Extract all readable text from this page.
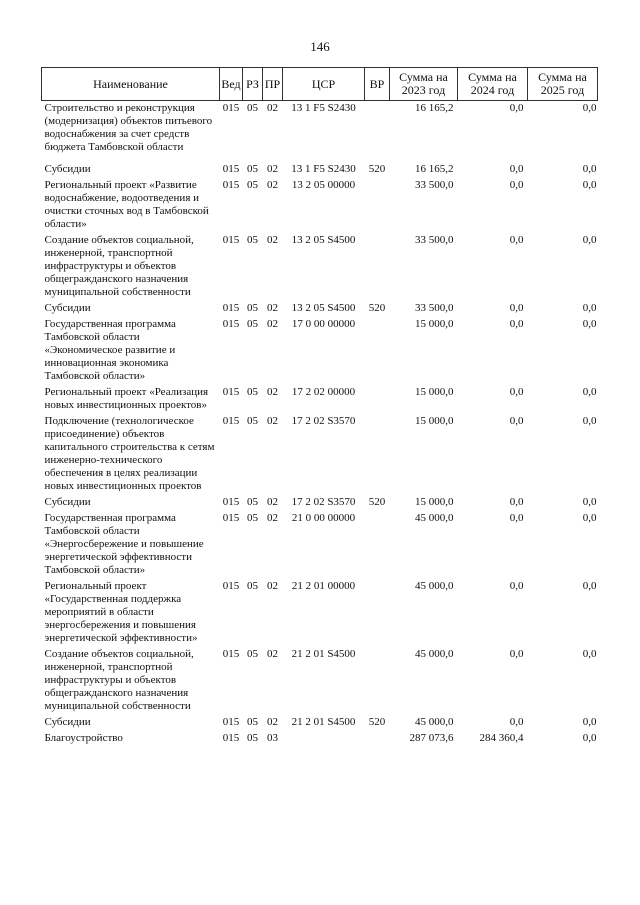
146
Наименование	Вед	РЗ	ПР	ЦСР	ВР	Сумма на 2023 год	Сумма на 2024 год	Сумма на 2025 год
Строительство и реконструкция (модернизация) объектов питьевого водоснабжения за счет средств бюджета Тамбовской области	015	05	02	13 1 F5 S2430		16 165,2	0,0	0,0
Субсидии	015	05	02	13 1 F5 S2430	520	16 165,2	0,0	0,0
Региональный проект «Развитие водоснабжение, водоотведения и очистки сточных вод в Тамбовской области»	015	05	02	13 2 05 00000		33 500,0	0,0	0,0
Создание объектов социальной, инженерной, транспортной инфраструктуры и объектов общегражданского назначения муниципальной собственности	015	05	02	13 2 05 S4500		33 500,0	0,0	0,0
Субсидии	015	05	02	13 2 05 S4500	520	33 500,0	0,0	0,0
Государственная программа Тамбовской области «Экономическое развитие и инновационная экономика Тамбовской области»	015	05	02	17 0 00 00000		15 000,0	0,0	0,0
Региональный проект «Реализация новых инвестиционных проектов»	015	05	02	17 2 02 00000		15 000,0	0,0	0,0
Подключение (технологическое присоединение) объектов капитального строительства к сетям инженерно-технического обеспечения в целях реализации новых инвестиционных проектов	015	05	02	17 2 02 S3570		15 000,0	0,0	0,0
Субсидии	015	05	02	17 2 02 S3570	520	15 000,0	0,0	0,0
Государственная программа Тамбовской области «Энергосбережение и повышение энергетической эффективности Тамбовской области»	015	05	02	21 0 00 00000		45 000,0	0,0	0,0
Региональный проект «Государственная поддержка мероприятий в области энергосбережения и повышения энергетической эффективности»	015	05	02	21 2 01 00000		45 000,0	0,0	0,0
Создание объектов социальной, инженерной, транспортной инфраструктуры и объектов общегражданского назначения муниципальной собственности	015	05	02	21 2 01 S4500		45 000,0	0,0	0,0
Субсидии	015	05	02	21 2 01 S4500	520	45 000,0	0,0	0,0
Благоустройство	015	05	03			287 073,6	284 360,4	0,0
